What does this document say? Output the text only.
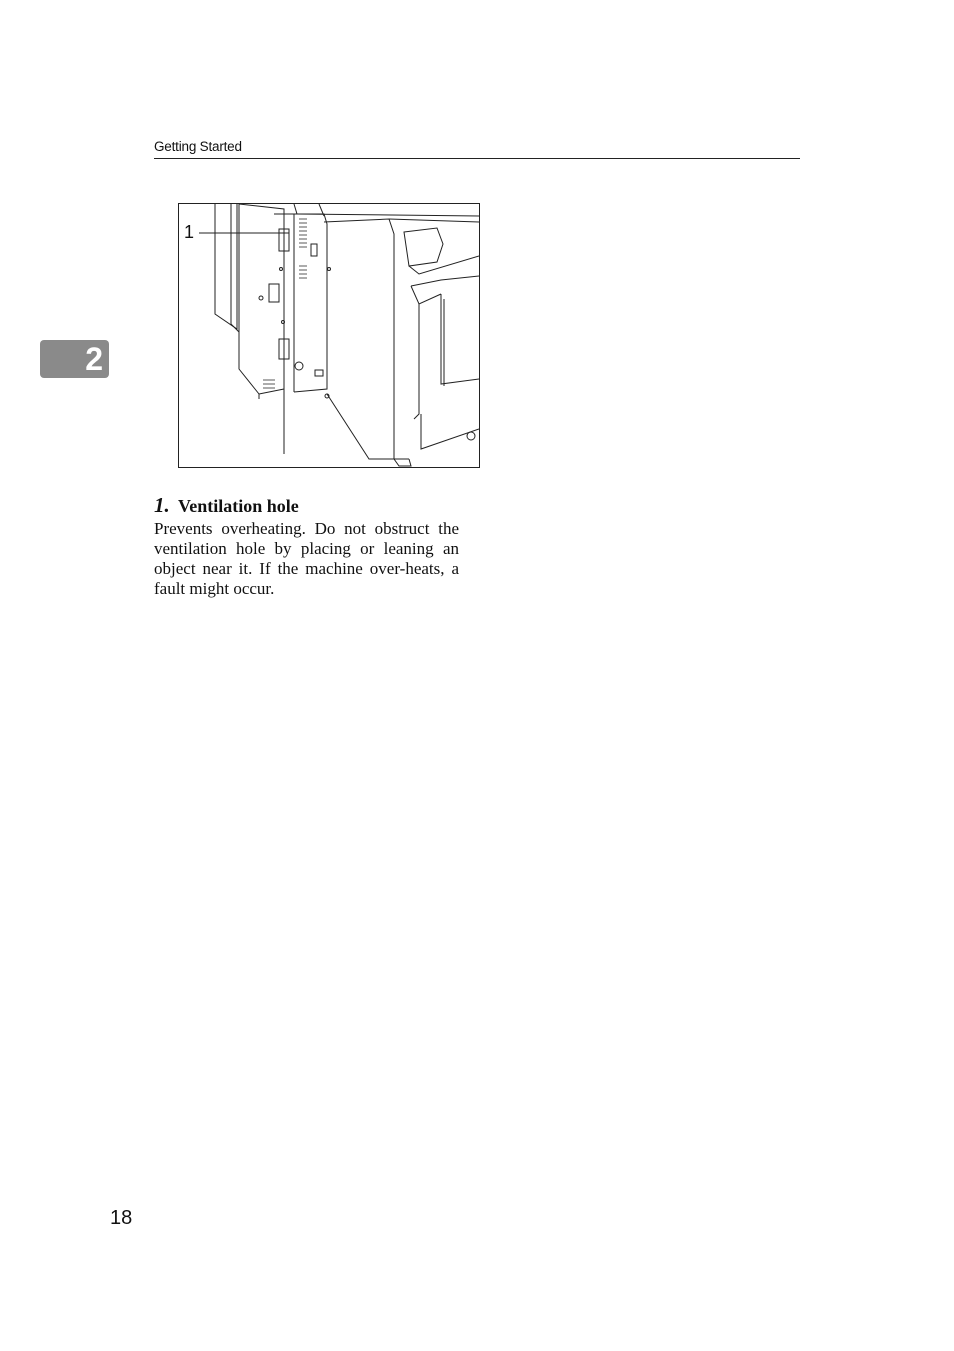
Getting Started
2
1
1. Ventilation hole
Prevents overheating. Do not obstruct the ventilation hole by placing or leaning an object near it. If the machine over-heats, a fault might occur.
18
